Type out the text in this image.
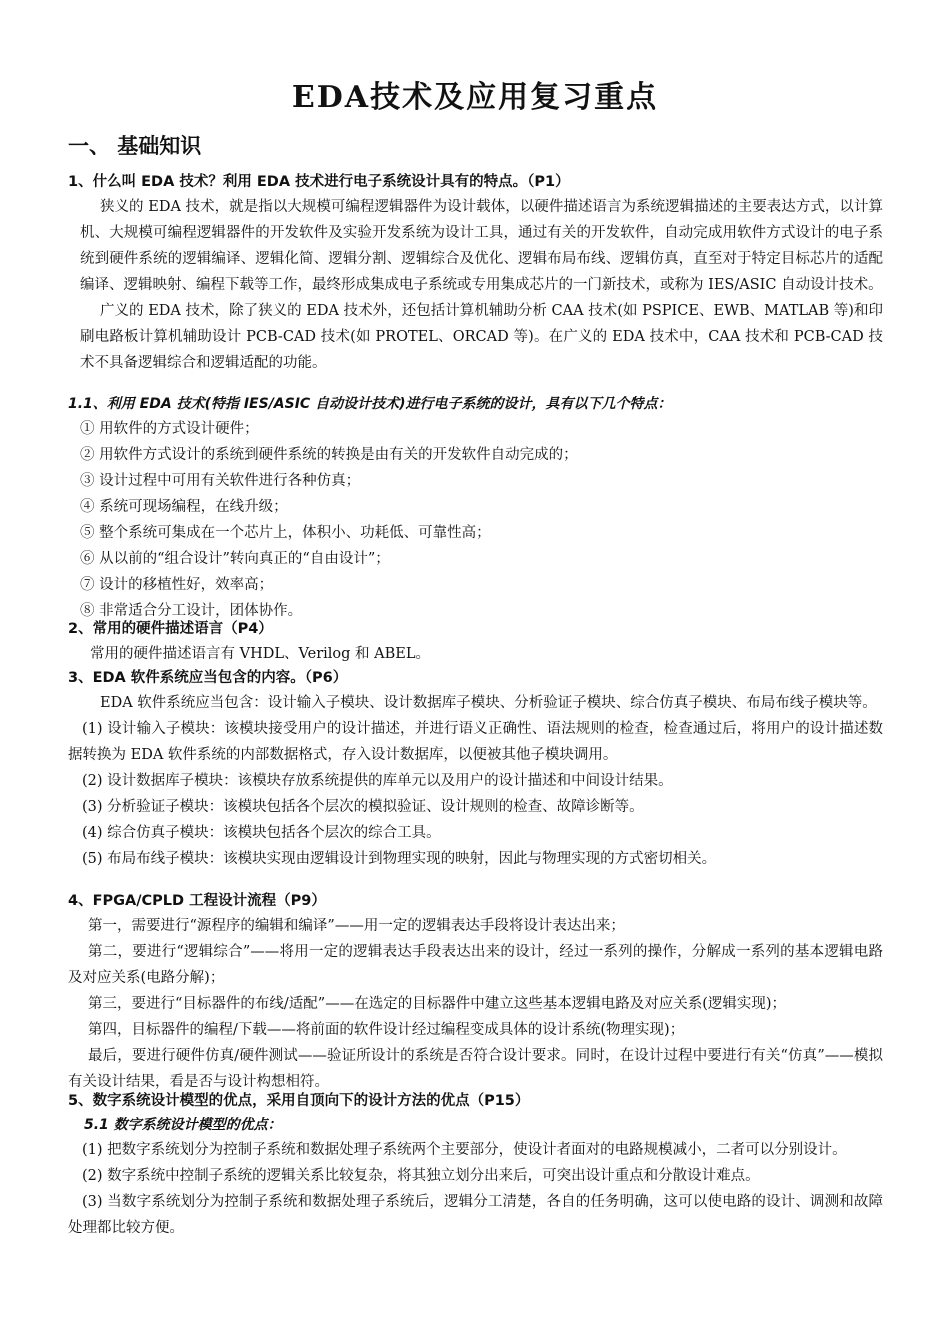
EDA技术及应用复习重点
一、 基础知识
1、什么叫 EDA 技术？利用 EDA 技术进行电子系统设计具有的特点。（P1）
狭义的 EDA 技术，就是指以大规模可编程逻辑器件为设计载体，以硬件描述语言为系统逻辑描述的主要表达方式，以计算机、大规模可编程逻辑器件的开发软件及实验开发系统为设计工具，通过有关的开发软件，自动完成用软件方式设计的电子系统到硬件系统的逻辑编译、逻辑化简、逻辑分割、逻辑综合及优化、逻辑布局布线、逻辑仿真，直至对于特定目标芯片的适配编译、逻辑映射、编程下载等工作，最终形成集成电子系统或专用集成芯片的一门新技术，或称为 IES/ASIC 自动设计技术。
广义的 EDA 技术，除了狭义的 EDA 技术外，还包括计算机辅助分析 CAA 技术(如 PSPICE、EWB、MATLAB 等)和印刷电路板计算机辅助设计 PCB-CAD 技术(如 PROTEL、ORCAD 等)。在广义的 EDA 技术中，CAA 技术和 PCB-CAD 技术不具备逻辑综合和逻辑适配的功能。
1.1、利用 EDA 技术(特指 IES/ASIC 自动设计技术)进行电子系统的设计，具有以下几个特点：
① 用软件的方式设计硬件；
② 用软件方式设计的系统到硬件系统的转换是由有关的开发软件自动完成的；
③ 设计过程中可用有关软件进行各种仿真；
④ 系统可现场编程，在线升级；
⑤ 整个系统可集成在一个芯片上，体积小、功耗低、可靠性高；
⑥ 从以前的“组合设计”转向真正的“自由设计”；
⑦ 设计的移植性好，效率高；
⑧ 非常适合分工设计，团体协作。
2、常用的硬件描述语言（P4）
常用的硬件描述语言有 VHDL、Verilog 和 ABEL。
3、EDA 软件系统应当包含的内容。（P6）
EDA 软件系统应当包含：设计输入子模块、设计数据库子模块、分析验证子模块、综合仿真子模块、布局布线子模块等。
(1) 设计输入子模块：该模块接受用户的设计描述，并进行语义正确性、语法规则的检查，检查通过后，将用户的设计描述数据转换为 EDA 软件系统的内部数据格式，存入设计数据库，以便被其他子模块调用。
(2) 设计数据库子模块：该模块存放系统提供的库单元以及用户的设计描述和中间设计结果。
(3) 分析验证子模块：该模块包括各个层次的模拟验证、设计规则的检查、故障诊断等。
(4) 综合仿真子模块：该模块包括各个层次的综合工具。
(5) 布局布线子模块：该模块实现由逻辑设计到物理实现的映射，因此与物理实现的方式密切相关。
4、FPGA/CPLD 工程设计流程（P9）
第一，需要进行“源程序的编辑和编译”——用一定的逻辑表达手段将设计表达出来；
第二，要进行“逻辑综合”——将用一定的逻辑表达手段表达出来的设计，经过一系列的操作，分解成一系列的基本逻辑电路及对应关系(电路分解)；
第三，要进行“目标器件的布线/适配”——在选定的目标器件中建立这些基本逻辑电路及对应关系(逻辑实现)；
第四，目标器件的编程/下载——将前面的软件设计经过编程变成具体的设计系统(物理实现)；
最后，要进行硬件仿真/硬件测试——验证所设计的系统是否符合设计要求。同时，在设计过程中要进行有关“仿真”——模拟有关设计结果，看是否与设计构想相符。
5、数字系统设计模型的优点，采用自顶向下的设计方法的优点（P15）
5.1 数字系统设计模型的优点：
(1) 把数字系统划分为控制子系统和数据处理子系统两个主要部分，使设计者面对的电路规模减小，二者可以分别设计。
(2) 数字系统中控制子系统的逻辑关系比较复杂，将其独立划分出来后，可突出设计重点和分散设计难点。
(3) 当数字系统划分为控制子系统和数据处理子系统后，逻辑分工清楚，各自的任务明确，这可以使电路的设计、调测和故障处理都比较方便。
